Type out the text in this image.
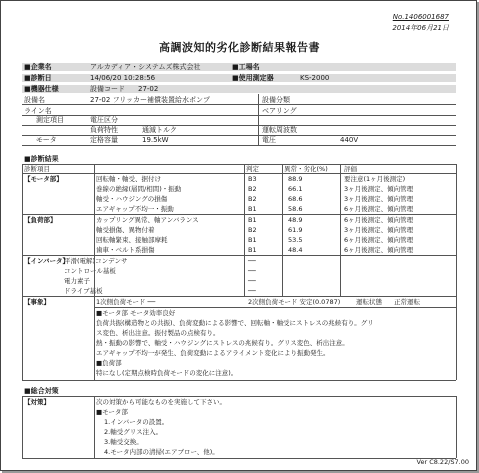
No.1406001687
2014年06月21日
高調波知的劣化診断結果報告書
■企業名	アルカディア・システムズ株式会社	■工場名
■診断日	14/06/20 10:28:56	■使用測定器	KS-2000
■機器仕様	設備コード 27-02
設備名	27-02 フリッカー補償装置給水ポンプ	設備分類
ライン名	ベアリング
測定項目	電圧区分
負荷特性	通減トルク	運転周波数
モータ	定格容量	19.5kW	電圧	440V
■診断結果
診断項目	判定	異常・劣化(%)	評価
【モータ部】	回転軸・軸受、据付け	B3	88.9	要注意(1ヶ月後測定)
巻線の絶縁(層間/相間)・振動	B2	66.1	3ヶ月後測定、傾向管理
軸受・ハウジングの損傷	B2	68.6	3ヶ月後測定、傾向管理
エアギャップ不均一・振動	B1	58.6	6ヶ月後測定、傾向管理
【負荷部】	カップリング異常、軸アンバランス	B1	48.9	6ヶ月後測定、傾向管理
軸受損傷、異物付着	B2	61.9	3ヶ月後測定、傾向管理
回転軸緊束、接触部摩耗	B1	53.5	6ヶ月後測定、傾向管理
歯車・ベルト系損傷	B1	48.4	6ヶ月後測定、傾向管理
【インバータ】
平滑(電解)コンデンサ	──
コントロール基板	──
電力素子	──
ドライブ基板	──
【事象】	1次側負荷モード ──	2次側負荷モード 安定(0.0787) 運転状態 正常運転
■モータ部 モータ効率良好
負荷共振(構造物との共振)、負荷変動による影響で、回転軸・軸受にストレスの兆候有り。グリ
ス変色、析出注意。振付製品の点検有り。
熱・振動の影響で、軸受・ハウジングにストレスの兆候有り。グリス変色、析出注意。
エアギャップ不均一が発生、負荷変動によるアライメント変化により振動発生。
■負荷部
特になし(定期点検時負荷モードの変化に注意)。
■総合対策
【対策】	次の対策から可能なものを実施して下さい。
■モータ部
1.インバータの設置。
2.軸受グリス注入。
3.軸受交換。
4.モータ内部の清掃(エアブロー、他)。
Ver C8.22/S7.00
